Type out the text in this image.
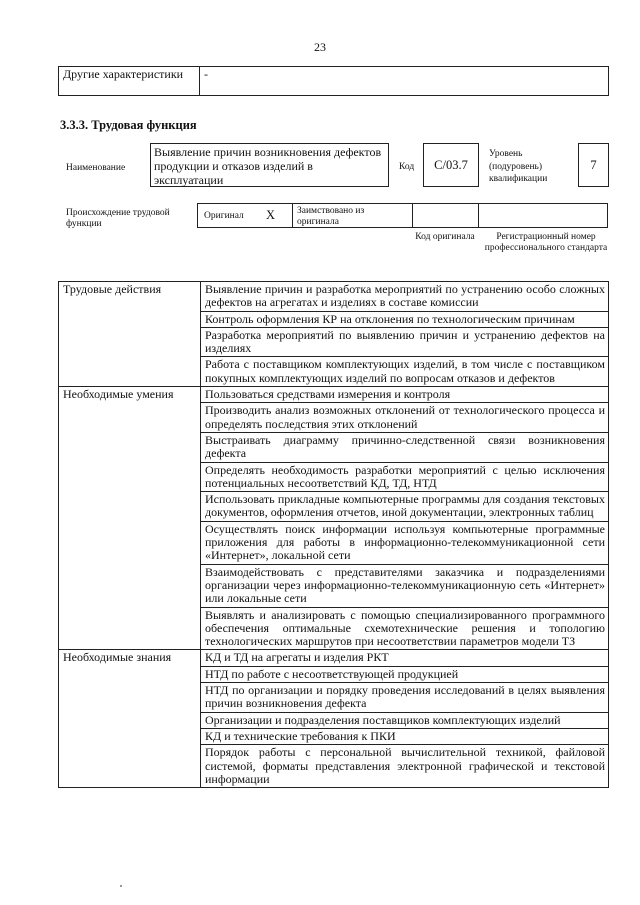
23
Другие характеристики	-
3.3.3. Трудовая функция
Наименование
Выявление причин возникновения дефектов продукции и отказов изделий в эксплуатации
Код	С/03.7
Уровень (подуровень) квалификации
7
Происхождение трудовой функции
Оригинал X Заимствовано из оригинала
Код оригинала	Регистрационный номер профессионального стандарта
Трудовые действия	Выявление причин и разработка мероприятий по устранению особо сложных дефектов на агрегатах и изделиях в составе комиссии
	Контроль оформления КР на отклонения по технологическим причинам
	Разработка мероприятий по выявлению причин и устранению дефектов на изделиях
	Работа с поставщиком комплектующих изделий, в том числе с поставщиком покупных комплектующих изделий по вопросам отказов и дефектов
Необходимые умения	Пользоваться средствами измерения и контроля
	Производить анализ возможных отклонений от технологического процесса и определять последствия этих отклонений
	Выстраивать диаграмму причинно-следственной связи возникновения дефекта
	Определять необходимость разработки мероприятий с целью исключения потенциальных несоответствий КД, ТД, НТД
	Использовать прикладные компьютерные программы для создания текстовых документов, оформления отчетов, иной документации, электронных таблиц
	Осуществлять поиск информации используя компьютерные программные приложения для работы в информационно-телекоммуникационной сети «Интернет», локальной сети
	Взаимодействовать с представителями заказчика и подразделениями организации через информационно-телекоммуникационную сеть «Интернет» или локальные сети
	Выявлять и анализировать с помощью специализированного программного обеспечения оптимальные схемотехнические решения и топологию технологических маршрутов при несоответствии параметров модели ТЗ
Необходимые знания	КД и ТД на агрегаты и изделия РКТ
	НТД по работе с несоответствующей продукцией
	НТД по организации и порядку проведения исследований в целях выявления причин возникновения дефекта
	Организации и подразделения поставщиков комплектующих изделий
	КД и технические требования к ПКИ
	Порядок работы с персональной вычислительной техникой, файловой системой, форматы представления электронной графической и текстовой информации
